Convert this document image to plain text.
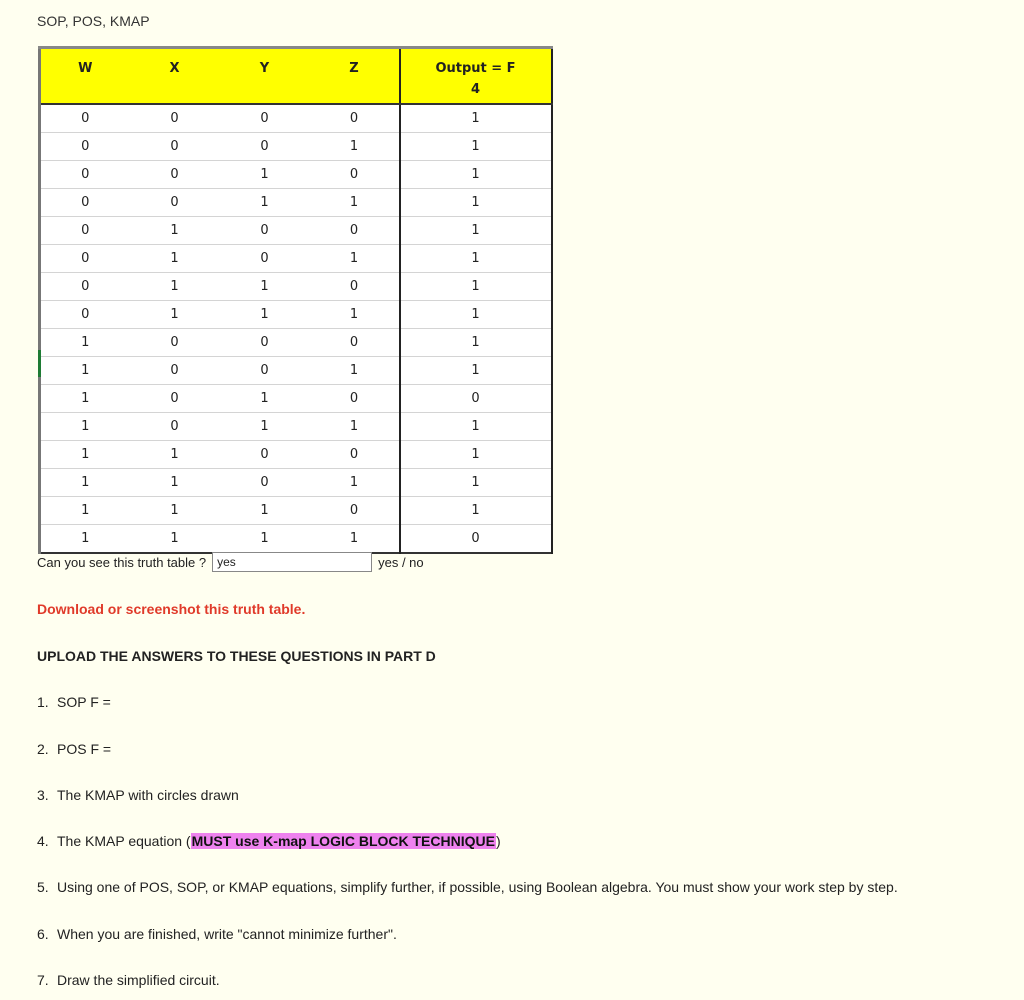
SOP, POS, KMAP
W	X	Y	Z	Output = F
4

0	0	0	0	1
0	0	0	1	1
0	0	1	0	1
0	0	1	1	1
0	1	0	0	1
0	1	0	1	1
0	1	1	0	1
0	1	1	1	1
1	0	0	0	1
1	0	0	1	1
1	0	1	0	0
1	0	1	1	1
1	1	0	0	1
1	1	0	1	1
1	1	1	0	1
1	1	1	1	0
Can you see this truth table ?
yes	yes / no
Download or screenshot this truth table.
UPLOAD THE ANSWERS TO THESE QUESTIONS IN PART D
1. SOP F =
2. POS F =
3. The KMAP with circles drawn
4. The KMAP equation (MUST use K-map LOGIC BLOCK TECHNIQUE)
5. Using one of POS, SOP, or KMAP equations, simplify further, if possible, using Boolean algebra. You must show your work step by step.
6. When you are finished, write "cannot minimize further".
7. Draw the simplified circuit.
